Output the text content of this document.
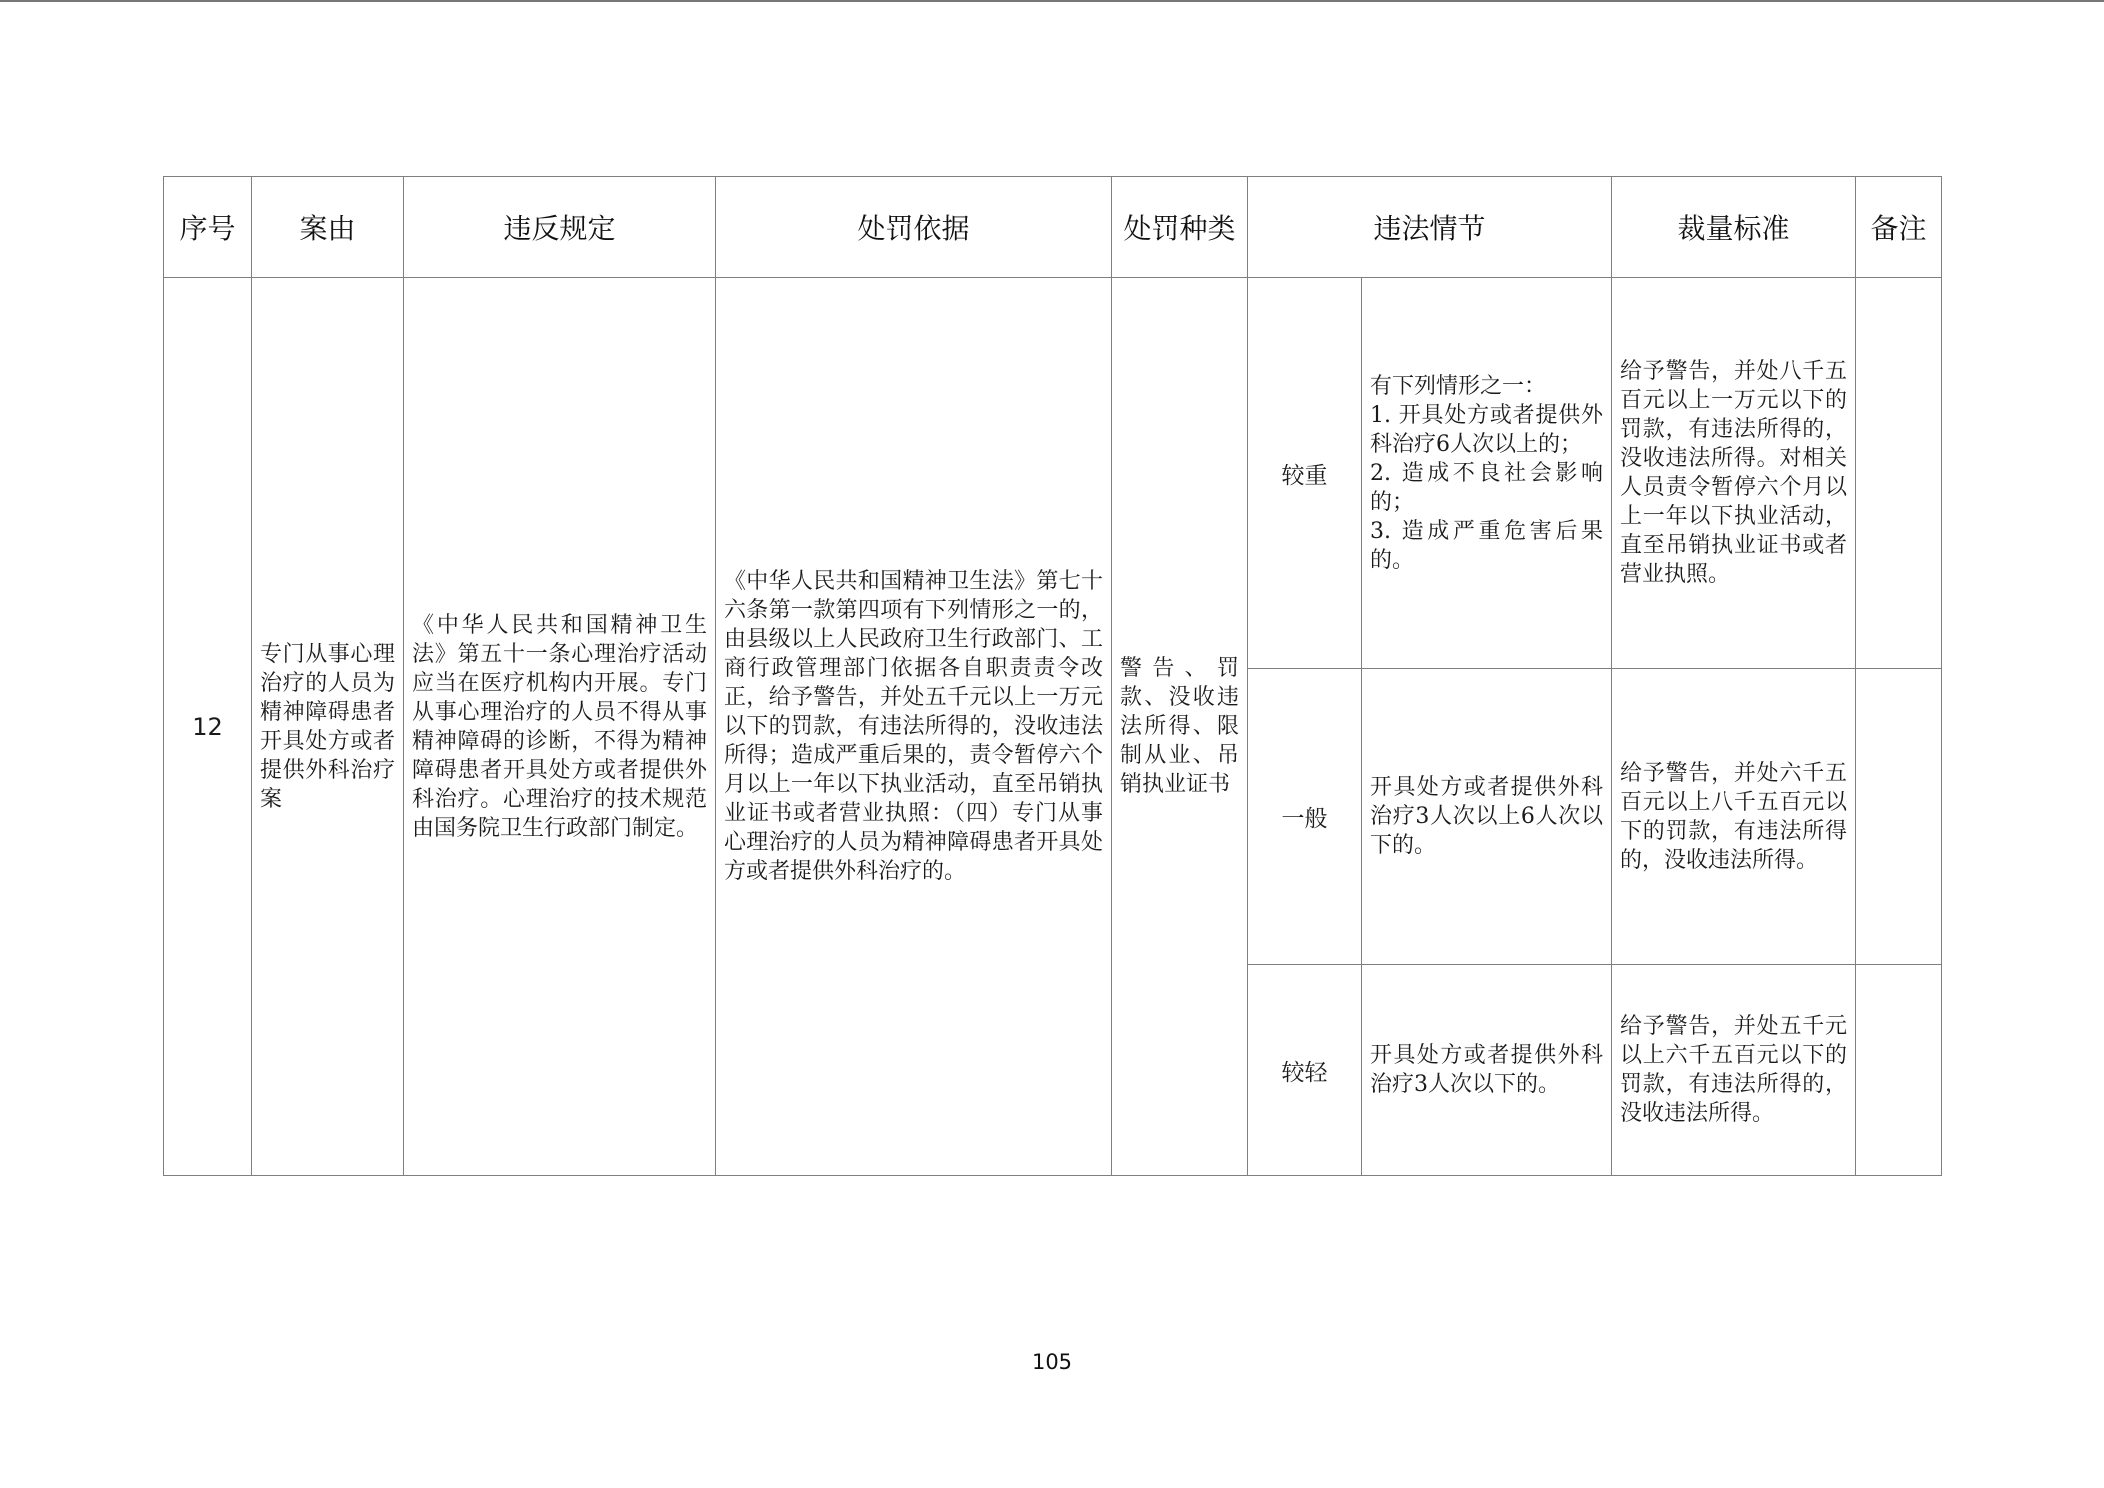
序号	案由	违反规定	处罚依据	处罚种类	违法情节		裁量标准	备注
12	专门从事心理治疗的人员为精神障碍患者开具处方或者提供外科治疗案	《中华人民共和国精神卫生法》第五十一条心理治疗活动应当在医疗机构内开展。专门从事心理治疗的人员不得从事精神障碍的诊断，不得为精神障碍患者开具处方或者提供外科治疗。心理治疗的技术规范由国务院卫生行政部门制定。	《中华人民共和国精神卫生法》第七十六条第一款第四项有下列情形之一的，由县级以上人民政府卫生行政部门、工商行政管理部门依据各自职责责令改正，给予警告，并处五千元以上一万元以下的罚款，有违法所得的，没收违法所得；造成严重后果的，责令暂停六个月以上一年以下执业活动，直至吊销执业证书或者营业执照：（四）专门从事心理治疗的人员为精神障碍患者开具处方或者提供外科治疗的。	警告、罚款、没收违法所得、限制从业、吊销执业证书	较重	有下列情形之一：
1. 开具处方或者提供外科治疗6人次以上的；
2. 造成不良社会影响的；
3. 造成严重危害后果的。	给予警告，并处八千五百元以上一万元以下的罚款，有违法所得的，没收违法所得。对相关人员责令暂停六个月以上一年以下执业活动，直至吊销执业证书或者营业执照。	

					一般	开具处方或者提供外科治疗3人次以上6人次以下的。	给予警告，并处六千五百元以上八千五百元以下的罚款，有违法所得的，没收违法所得。	

					较轻	开具处方或者提供外科治疗3人次以下的。	给予警告，并处五千元以上六千五百元以下的罚款，有违法所得的，没收违法所得。	

105
